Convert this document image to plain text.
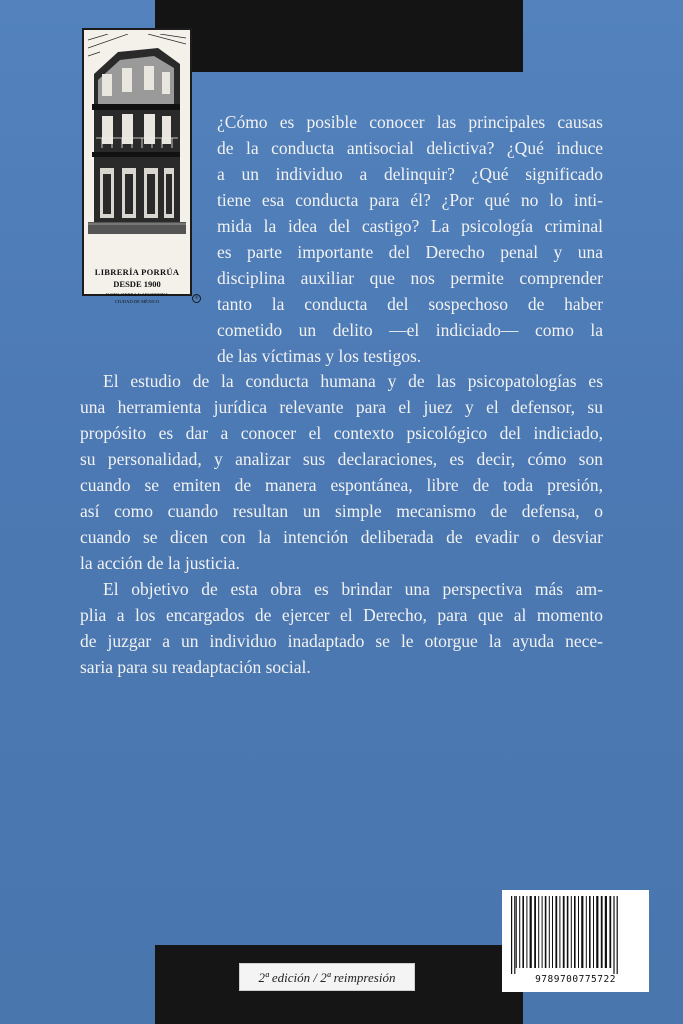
LIBRERÍA PORRÚA
DESDE 1900
JUSTO SIERRA Y ARGENTINA
CIUDAD DE MÉXICO
®
¿Cómo es posible conocer las principales causas
de la conducta antisocial delictiva? ¿Qué induce
a un individuo a delinquir? ¿Qué significado
tiene esa conducta para él? ¿Por qué no lo inti-
mida la idea del castigo? La psicología criminal
es parte importante del Derecho penal y una
disciplina auxiliar que nos permite comprender
tanto la conducta del sospechoso de haber
cometido un delito —el indiciado— como la
de las víctimas y los testigos.
El estudio de la conducta humana y de las psicopatologías es
una herramienta jurídica relevante para el juez y el defensor, su
propósito es dar a conocer el contexto psicológico del indiciado,
su personalidad, y analizar sus declaraciones, es decir, cómo son
cuando se emiten de manera espontánea, libre de toda presión,
así como cuando resultan un simple mecanismo de defensa, o
cuando se dicen con la intención deliberada de evadir o desviar
la acción de la justicia.
El objetivo de esta obra es brindar una perspectiva más am-
plia a los encargados de ejercer el Derecho, para que al momento
de juzgar a un individuo inadaptado se le otorgue la ayuda nece-
saria para su readaptación social.
9789700775722
2ª edición / 2ª reimpresión
